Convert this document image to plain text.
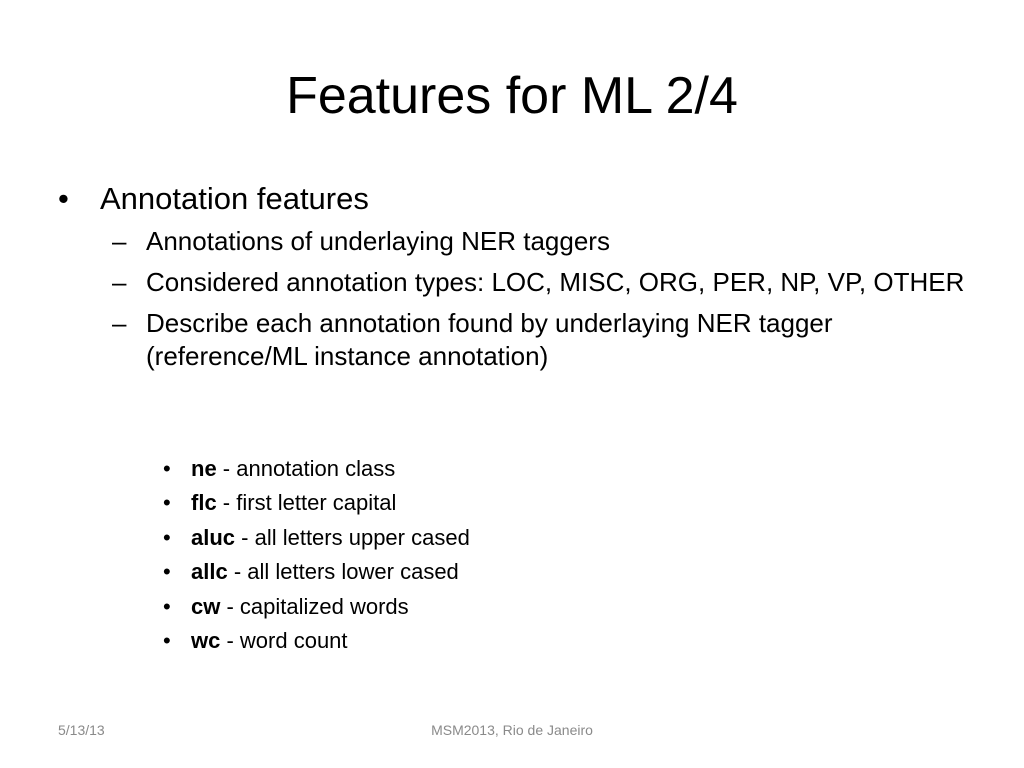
Features for ML 2/4
•	Annotation features
– Annotations of underlaying NER taggers
– Considered annotation types: LOC, MISC, ORG, PER, NP, VP, OTHER
– Describe each annotation found by underlaying NER tagger (reference/ML instance annotation)
• ne - annotation class
• flc - first letter capital
• aluc - all letters upper cased
• allc - all letters lower cased
• cw - capitalized words
• wc - word count
5/13/13	MSM2013, Rio de Janeiro
